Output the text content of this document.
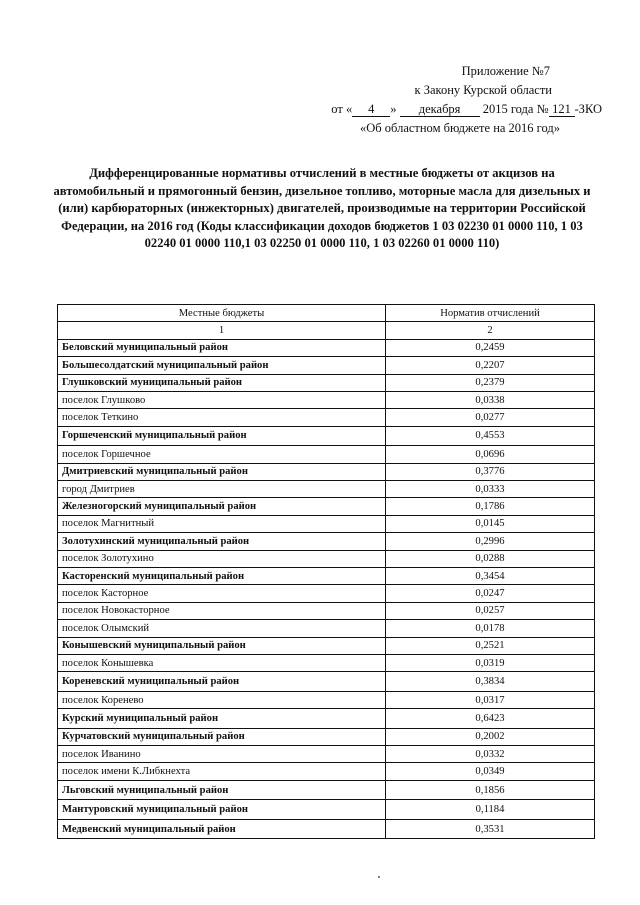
Приложение №7
к Закону Курской области
от « 4 » декабря 2015 года № 121 -ЗКО
«Об областном бюджете на 2016 год»
Дифференцированные нормативы отчислений в местные бюджеты от акцизов на автомобильный и прямогонный бензин, дизельное топливо, моторные масла для дизельных и (или) карбюраторных (инжекторных) двигателей, производимые на территории Российской Федерации, на 2016 год (Коды классификации доходов бюджетов 1 03 02230 01 0000 110, 1 03 02240 01 0000 110,1 03 02250 01 0000 110, 1 03 02260 01 0000 110)
Местные бюджеты	Норматив отчислений
1	2
Беловский муниципальный район	0,2459
Большесолдатский муниципальный район	0,2207
Глушковский муниципальный район	0,2379
поселок Глушково	0,0338
поселок Теткино	0,0277
Горшеченский муниципальный район	0,4553
поселок Горшечное	0,0696
Дмитриевский муниципальный район	0,3776
город Дмитриев	0,0333
Железногорский муниципальный район	0,1786
поселок Магнитный	0,0145
Золотухинский муниципальный район	0,2996
поселок Золотухино	0,0288
Касторенский муниципальный район	0,3454
поселок Касторное	0,0247
поселок Новокасторное	0,0257
поселок Олымский	0,0178
Конышевский муниципальный район	0,2521
поселок Конышевка	0,0319
Кореневский муниципальный район	0,3834
поселок Коренево	0,0317
Курский муниципальный район	0,6423
Курчатовский муниципальный район	0,2002
поселок Иванино	0,0332
поселок имени К.Либкнехта	0,0349
Льговский муниципальный район	0,1856
Мантуровский муниципальный район	0,1184
Медвенский муниципальный район	0,3531
